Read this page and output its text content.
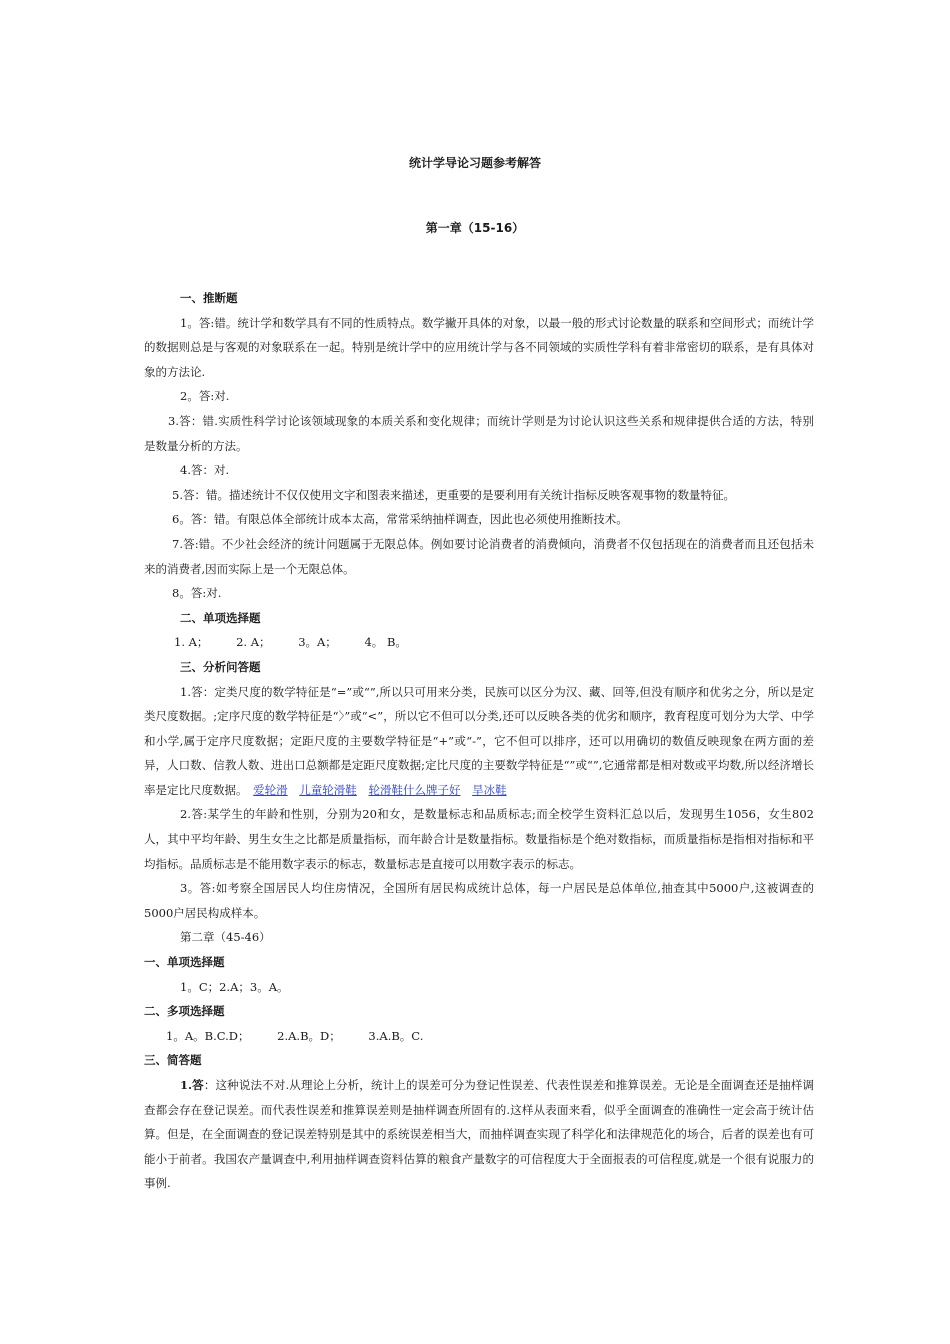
统计学导论习题参考解答
第一章（15-16）

一、推断题

1。答:错。统计学和数学具有不同的性质特点。数学撇开具体的对象，以最一般的形式讨论数量的联系和空间形式；而统计学的数据则总是与客观的对象联系在一起。特别是统计学中的应用统计学与各不同领域的实质性学科有着非常密切的联系，是有具体对象的方法论.

2。答:对.

3.答：错.实质性科学讨论该领域现象的本质关系和变化规律；而统计学则是为讨论认识这些关系和规律提供合适的方法，特别是数量分析的方法。

4.答：对.

5.答：错。描述统计不仅仅使用文字和图表来描述，更重要的是要利用有关统计指标反映客观事物的数量特征。

6。答：错。有限总体全部统计成本太高，常常采纳抽样调查，因此也必须使用推断技术。

7.答:错。不少社会经济的统计问题属于无限总体。例如要讨论消费者的消费倾向，消费者不仅包括现在的消费者而且还包括未来的消费者,因而实际上是一个无限总体。

8。答:对.

二、单项选择题

1. A； 2. A； 3。A； 4。 B。

三、分析问答题

1.答：定类尺度的数学特征是“=”或“”,所以只可用来分类，民族可以区分为汉、藏、回等,但没有顺序和优劣之分，所以是定类尺度数据。;定序尺度的数学特征是“〉”或“<”，所以它不但可以分类,还可以反映各类的优劣和顺序，教育程度可划分为大学、中学和小学,属于定序尺度数据；定距尺度的主要数学特征是“+”或“-”，它不但可以排序，还可以用确切的数值反映现象在两方面的差异，人口数、信教人数、进出口总额都是定距尺度数据;定比尺度的主要数学特征是“”或“”,它通常都是相对数或平均数,所以经济增长率是定比尺度数据。 爱轮滑 儿童轮滑鞋 轮滑鞋什么牌子好 旱冰鞋

2.答:某学生的年龄和性别，分别为20和女，是数量标志和品质标志;而全校学生资料汇总以后，发现男生1056，女生802人，其中平均年龄、男生女生之比都是质量指标，而年龄合计是数量指标。数量指标是个绝对数指标，而质量指标是指相对指标和平均指标。品质标志是不能用数字表示的标志，数量标志是直接可以用数字表示的标志。

3。答:如考察全国居民人均住房情况，全国所有居民构成统计总体，每一户居民是总体单位,抽查其中5000户,这被调查的5000户居民构成样本。

第二章（45-46）

一、单项选择题

1。C；2.A；3。A。

二、多项选择题

1。A。B.C.D； 2.A.B。D； 3.A.B。C.

三、简答题

1.答：这种说法不对.从理论上分析，统计上的误差可分为登记性误差、代表性误差和推算误差。无论是全面调查还是抽样调查都会存在登记误差。而代表性误差和推算误差则是抽样调查所固有的.这样从表面来看，似乎全面调查的准确性一定会高于统计估算。但是，在全面调查的登记误差特别是其中的系统误差相当大，而抽样调查实现了科学化和法律规范化的场合，后者的误差也有可能小于前者。我国农产量调查中,利用抽样调查资料估算的粮食产量数字的可信程度大于全面报表的可信程度,就是一个很有说服力的事例.
